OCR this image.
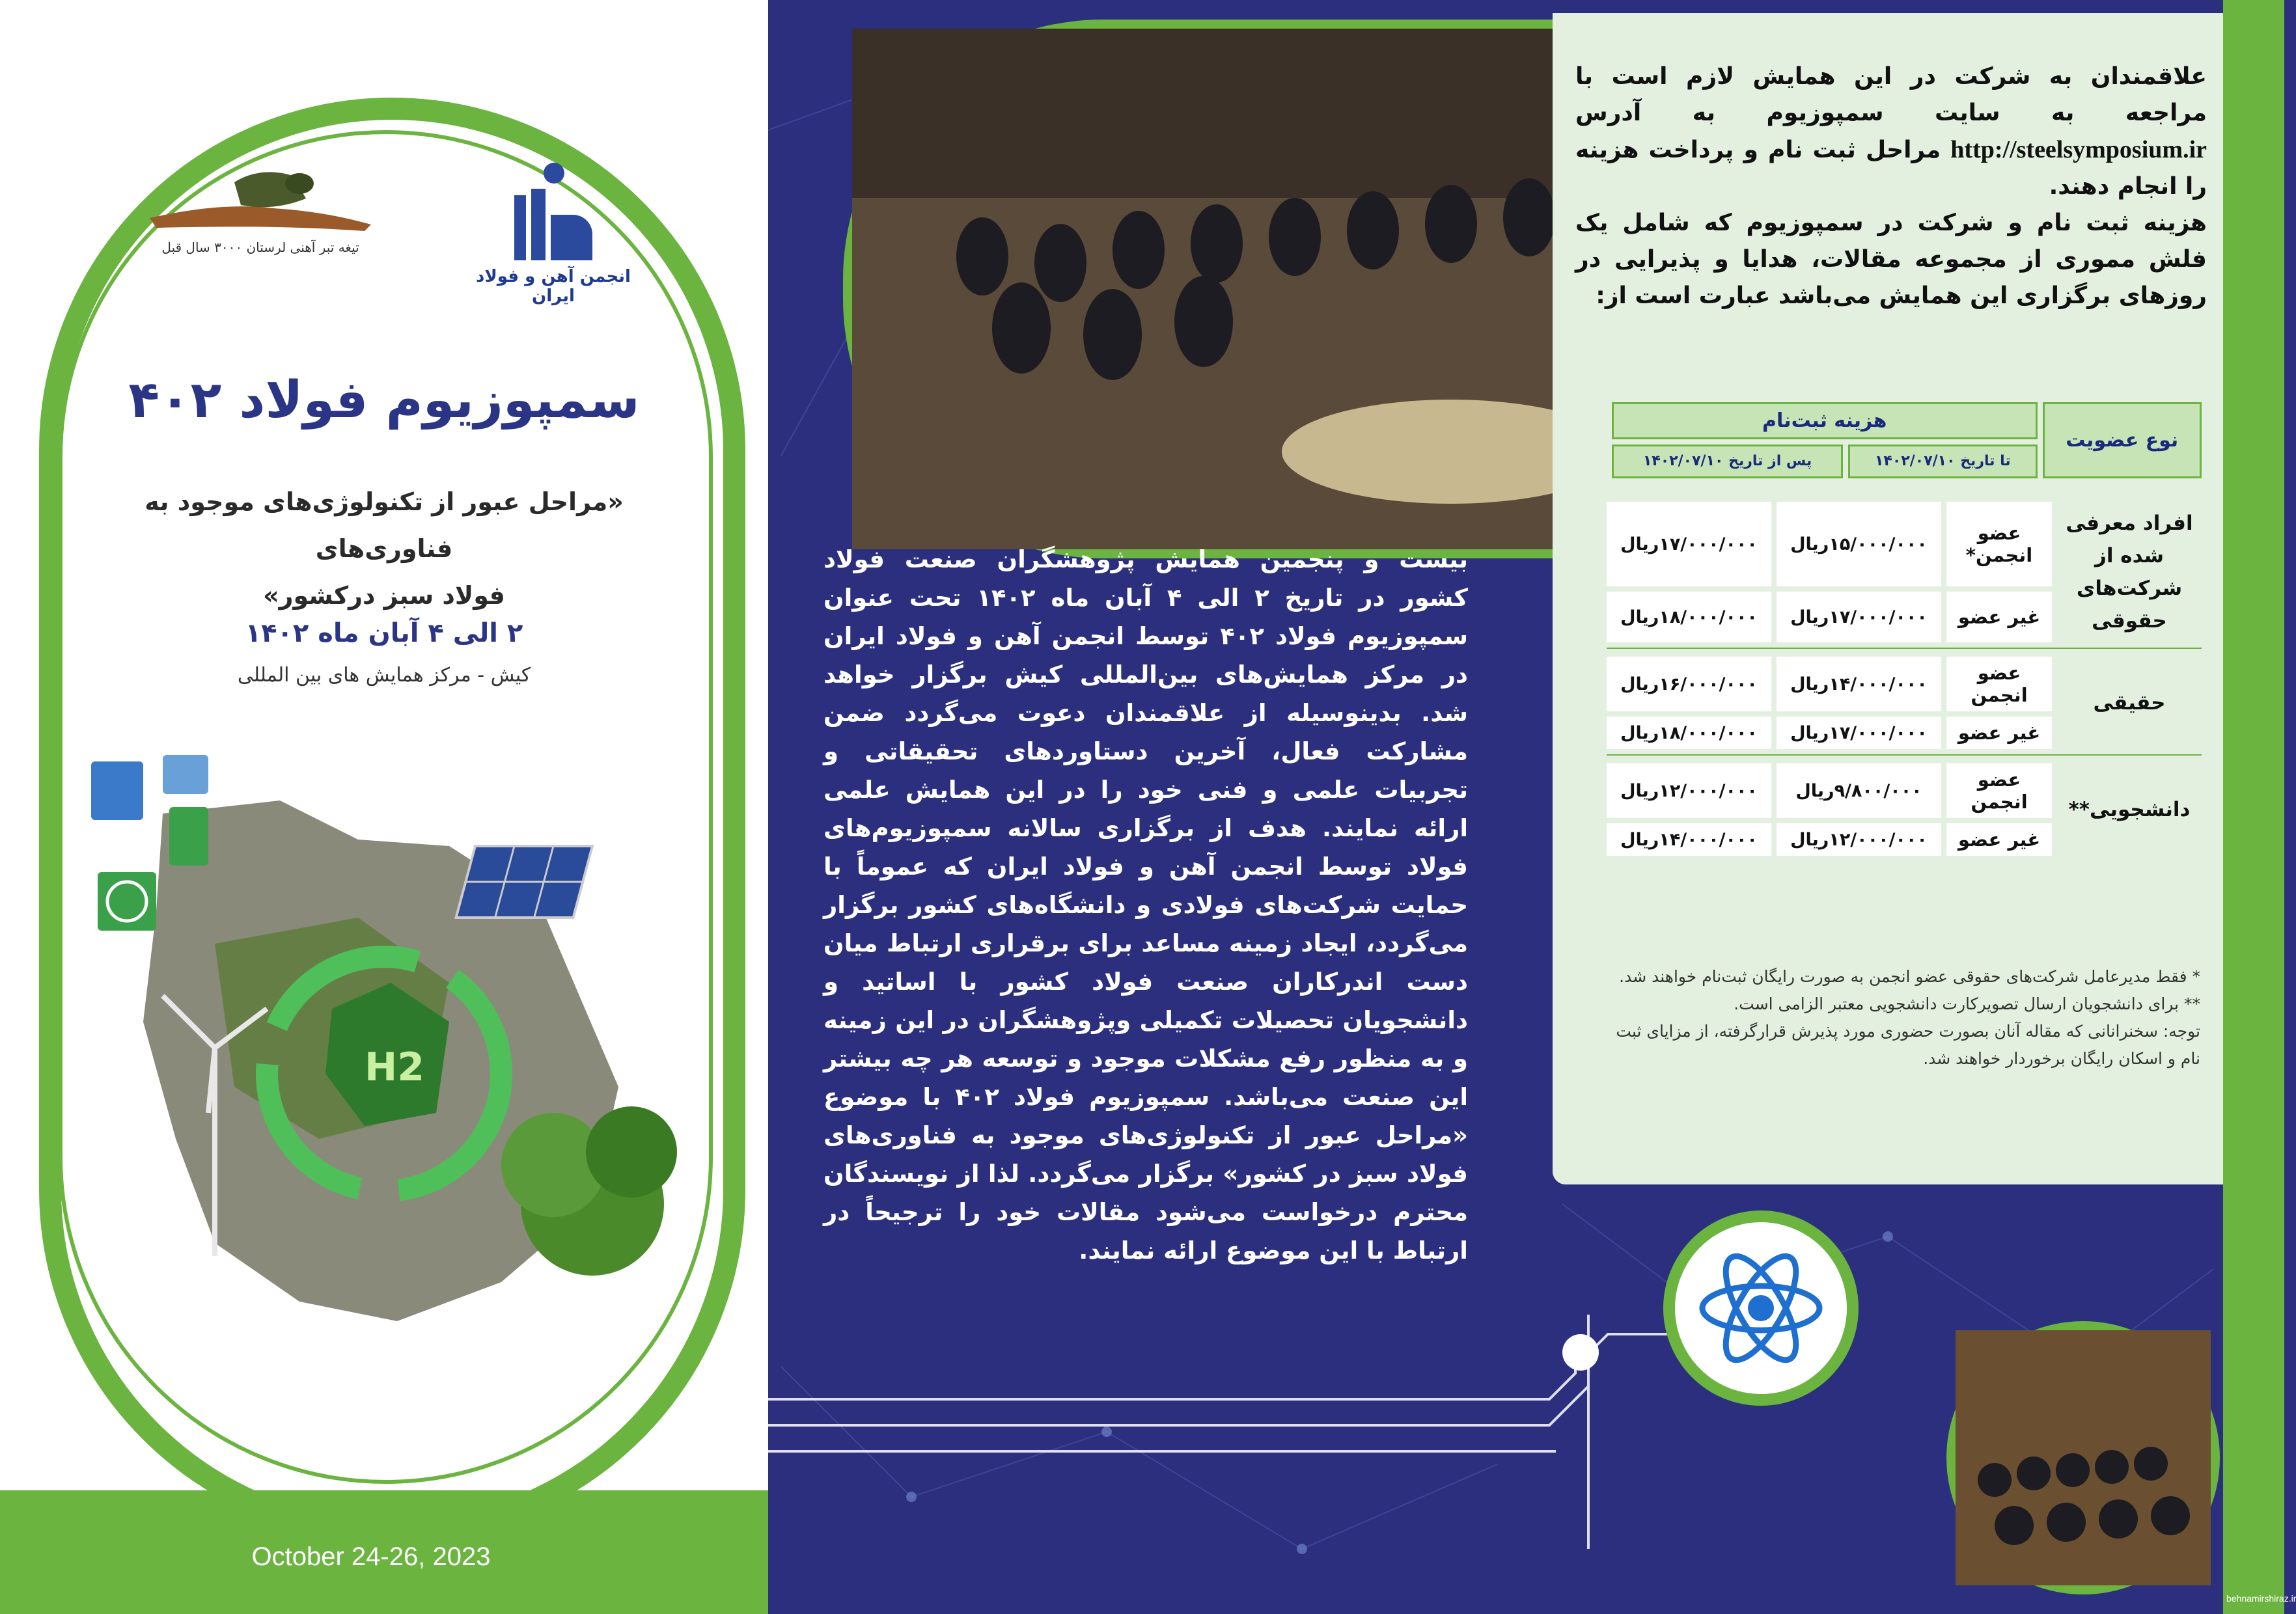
تیغه تبر آهنی لرستان ۳۰۰۰ سال قبل
انجمن آهن و فولاد ایران
سمپوزیوم فولاد ۴۰۲
«مراحل عبور از تکنولوژی‌های موجود به فناوری‌های
فولاد سبز درکشور»
۲ الی ۴ آبان ماه ۱۴۰۲
کیش - مرکز همایش های بین المللی
H2
October 24-26, 2023
بیست و پنجمین همایش پژوهشگران صنعت فولاد کشور در تاریخ ۲ الی ۴ آبان ماه ۱۴۰۲ تحت عنوان سمپوزیوم فولاد ۴۰۲ توسط انجمن آهن و فولاد ایران در مرکز همایش‌های بین‌المللی کیش برگزار خواهد شد. بدینوسیله از علاقمندان دعوت می‌گردد ضمن مشارکت فعال، آخرین دستاوردهای تحقیقاتی و تجربیات علمی و فنی خود را در این همایش علمی ارائه نمایند. هدف از برگزاری سالانه سمپوزیوم‌های فولاد توسط انجمن آهن و فولاد ایران که عموماً با حمایت شرکت‌های فولادی و دانشگاه‌های کشور برگزار می‌گردد، ایجاد زمینه مساعد برای برقراری ارتباط میان دست اندرکاران صنعت فولاد کشور با اساتید و دانشجویان تحصیلات تکمیلی وپژوهشگران در این زمینه و به منظور رفع مشکلات موجود و توسعه هر چه بیشتر این صنعت می‌باشد. سمپوزیوم فولاد ۴۰۲ با موضوع «مراحل عبور از تکنولوژی‌های موجود به فناوری‌های فولاد سبز در کشور» برگزار می‌گردد. لذا از نویسندگان محترم درخواست می‌شود مقالات خود را ترجیحاً در ارتباط با این موضوع ارائه نمایند.
علاقمندان به شرکت در این همایش لازم است با مراجعه به سایت سمپوزیوم به آدرس http://steelsymposium.ir مراحل ثبت نام و پرداخت هزینه را انجام دهند.
هزینه ثبت نام و شرکت در سمپوزیوم که شامل یک فلش مموری از مجموعه مقالات، هدایا و پذیرایی در روزهای برگزاری این همایش می‌باشد عبارت است از:
نوع عضویت	هزینه ثبت‌نام		
	تا تاریخ ۱۴۰۲/۰۷/۱۰	پس از تاریخ ۱۴۰۲/۰۷/۱۰	
افراد معرفی شده از شرکت‌های حقوقی	عضو انجمن*	۱۵/۰۰۰/۰۰۰ریال	۱۷/۰۰۰/۰۰۰ریال
	غیر عضو	۱۷/۰۰۰/۰۰۰ریال	۱۸/۰۰۰/۰۰۰ریال

حقیقی	عضو انجمن	۱۴/۰۰۰/۰۰۰ریال	۱۶/۰۰۰/۰۰۰ریال
	غیر عضو	۱۷/۰۰۰/۰۰۰ریال	۱۸/۰۰۰/۰۰۰ریال

دانشجویی**	عضو انجمن	۹/۸۰۰/۰۰۰ریال	۱۲/۰۰۰/۰۰۰ریال
	غیر عضو	۱۲/۰۰۰/۰۰۰ریال	۱۴/۰۰۰/۰۰۰ریال
* فقط مدیرعامل شرکت‌های حقوقی عضو انجمن به صورت رایگان ثبت‌نام خواهند شد.
** برای دانشجویان ارسال تصویرکارت دانشجویی معتبر الزامی است.
توجه: سخنرانانی که مقاله آنان بصورت حضوری مورد پذیرش قرارگرفته، از مزایای ثبت نام و اسکان رایگان برخوردار خواهند شد.
behnamirshiraz.ir
